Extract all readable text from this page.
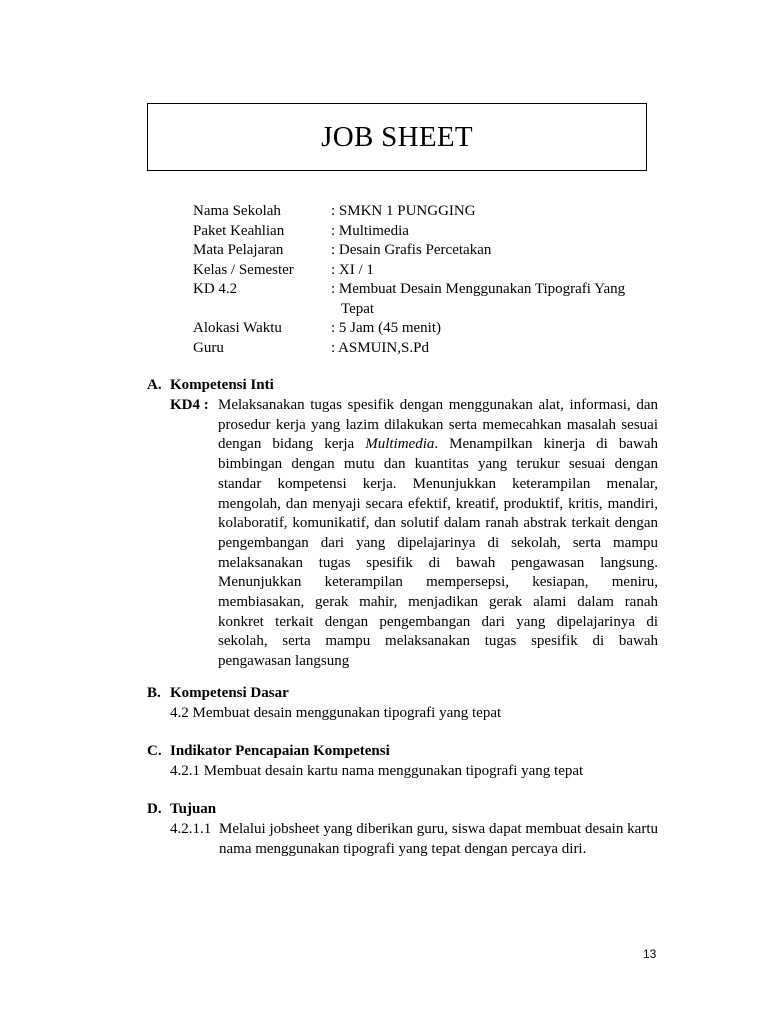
JOB SHEET
Nama Sekolah	: SMKN 1 PUNGGING
Paket Keahlian	: Multimedia
Mata Pelajaran	: Desain Grafis Percetakan
Kelas / Semester	: XI / 1
KD 4.2	: Membuat Desain Menggunakan Tipografi Yang
Tepat
Alokasi Waktu	: 5 Jam (45 menit)
Guru	: ASMUIN,S.Pd
A. Kompetensi Inti
KD4 : Melaksanakan tugas spesifik dengan menggunakan alat, informasi, dan prosedur kerja yang lazim dilakukan serta memecahkan masalah sesuai dengan bidang kerja Multimedia. Menampilkan kinerja di bawah bimbingan dengan mutu dan kuantitas yang terukur sesuai dengan standar kompetensi kerja. Menunjukkan keterampilan menalar, mengolah, dan menyaji secara efektif, kreatif, produktif, kritis, mandiri, kolaboratif, komunikatif, dan solutif dalam ranah abstrak terkait dengan pengembangan dari yang dipelajarinya di sekolah, serta mampu melaksanakan tugas spesifik di bawah pengawasan langsung. Menunjukkan keterampilan mempersepsi, kesiapan, meniru, membiasakan, gerak mahir, menjadikan gerak alami dalam ranah konkret terkait dengan pengembangan dari yang dipelajarinya di sekolah, serta mampu melaksanakan tugas spesifik di bawah pengawasan langsung
B. Kompetensi Dasar
4.2 Membuat desain menggunakan tipografi yang tepat
C. Indikator Pencapaian Kompetensi
4.2.1 Membuat desain kartu nama menggunakan tipografi yang tepat
D. Tujuan
4.2.1.1 Melalui jobsheet yang diberikan guru, siswa dapat membuat desain kartu nama menggunakan tipografi yang tepat dengan percaya diri.
13
